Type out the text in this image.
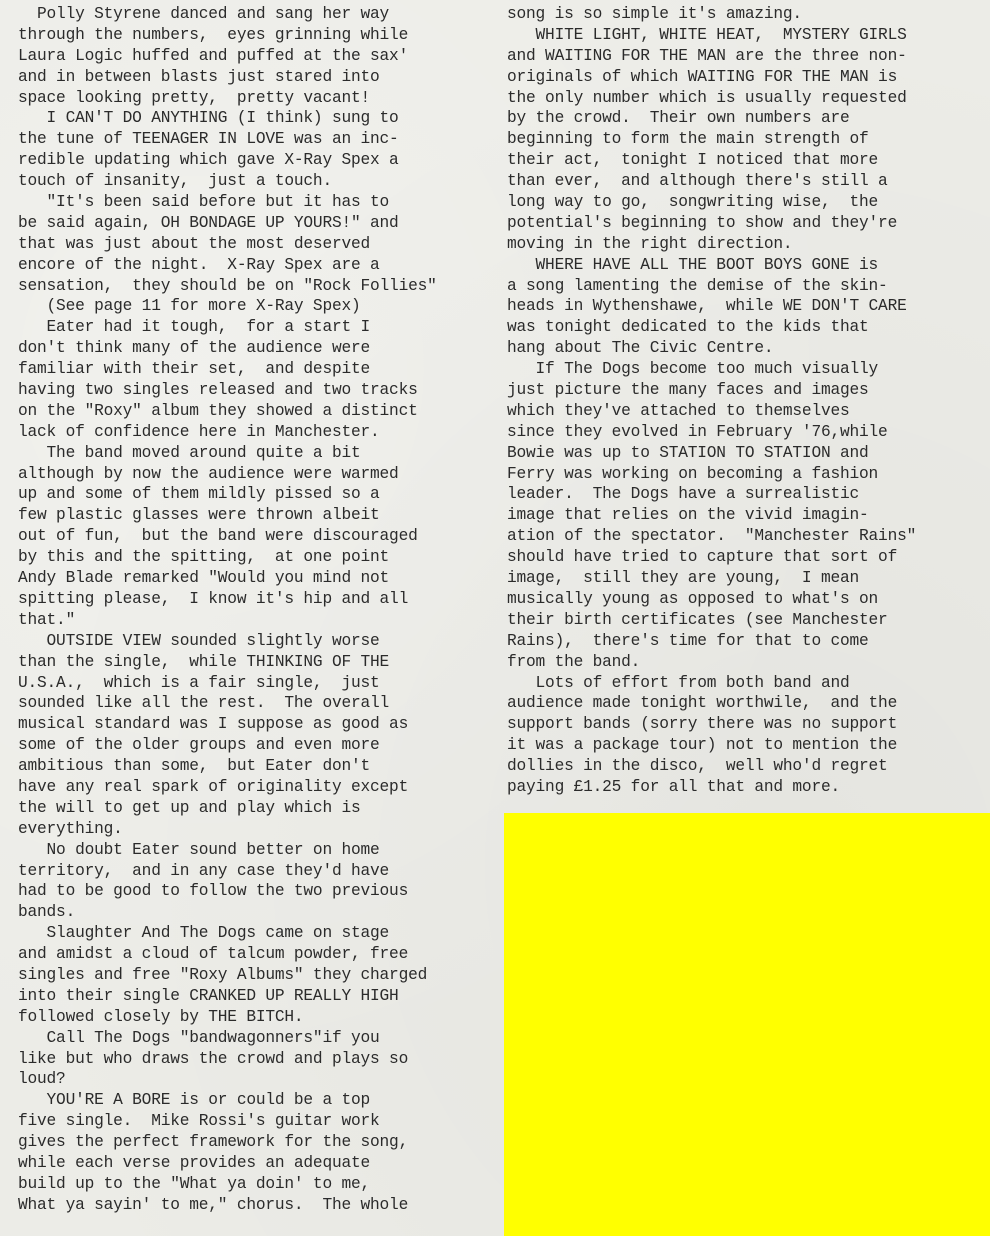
Polly Styrene danced and sang her way
through the numbers,  eyes grinning while
Laura Logic huffed and puffed at the sax'
and in between blasts just stared into
space looking pretty,  pretty vacant!
I CAN'T DO ANYTHING (I think) sung to
the tune of TEENAGER IN LOVE was an inc-
redible updating which gave X-Ray Spex a
touch of insanity,  just a touch.
"It's been said before but it has to
be said again, OH BONDAGE UP YOURS!" and
that was just about the most deserved
encore of the night.  X-Ray Spex are a
sensation,  they should be on "Rock Follies"
(See page 11 for more X-Ray Spex)
Eater had it tough,  for a start I
don't think many of the audience were
familiar with their set,  and despite
having two singles released and two tracks
on the "Roxy" album they showed a distinct
lack of confidence here in Manchester.
The band moved around quite a bit
although by now the audience were warmed
up and some of them mildly pissed so a
few plastic glasses were thrown albeit
out of fun,  but the band were discouraged
by this and the spitting,  at one point
Andy Blade remarked "Would you mind not
spitting please,  I know it's hip and all
that."
OUTSIDE VIEW sounded slightly worse
than the single,  while THINKING OF THE
U.S.A.,  which is a fair single,  just
sounded like all the rest.  The overall
musical standard was I suppose as good as
some of the older groups and even more
ambitious than some,  but Eater don't
have any real spark of originality except
the will to get up and play which is
everything.
No doubt Eater sound better on home
territory,  and in any case they'd have
had to be good to follow the two previous
bands.
Slaughter And The Dogs came on stage
and amidst a cloud of talcum powder, free
singles and free "Roxy Albums" they charged
into their single CRANKED UP REALLY HIGH
followed closely by THE BITCH.
Call The Dogs "bandwagonners"if you
like but who draws the crowd and plays so
loud?
YOU'RE A BORE is or could be a top
five single.  Mike Rossi's guitar work
gives the perfect framework for the song,
while each verse provides an adequate
build up to the "What ya doin' to me,
What ya sayin' to me," chorus.  The whole
song is so simple it's amazing.
WHITE LIGHT, WHITE HEAT,  MYSTERY GIRLS
and WAITING FOR THE MAN are the three non-
originals of which WAITING FOR THE MAN is
the only number which is usually requested
by the crowd.  Their own numbers are
beginning to form the main strength of
their act,  tonight I noticed that more
than ever,  and although there's still a
long way to go,  songwriting wise,  the
potential's beginning to show and they're
moving in the right direction.
WHERE HAVE ALL THE BOOT BOYS GONE is
a song lamenting the demise of the skin-
heads in Wythenshawe,  while WE DON'T CARE
was tonight dedicated to the kids that
hang about The Civic Centre.
If The Dogs become too much visually
just picture the many faces and images
which they've attached to themselves
since they evolved in February '76,while
Bowie was up to STATION TO STATION and
Ferry was working on becoming a fashion
leader.  The Dogs have a surrealistic
image that relies on the vivid imagin-
ation of the spectator.  "Manchester Rains"
should have tried to capture that sort of
image,  still they are young,  I mean
musically young as opposed to what's on
their birth certificates (see Manchester
Rains),  there's time for that to come
from the band.
Lots of effort from both band and
audience made tonight worthwile,  and the
support bands (sorry there was no support
it was a package tour) not to mention the
dollies in the disco,  well who'd regret
paying £1.25 for all that and more.
